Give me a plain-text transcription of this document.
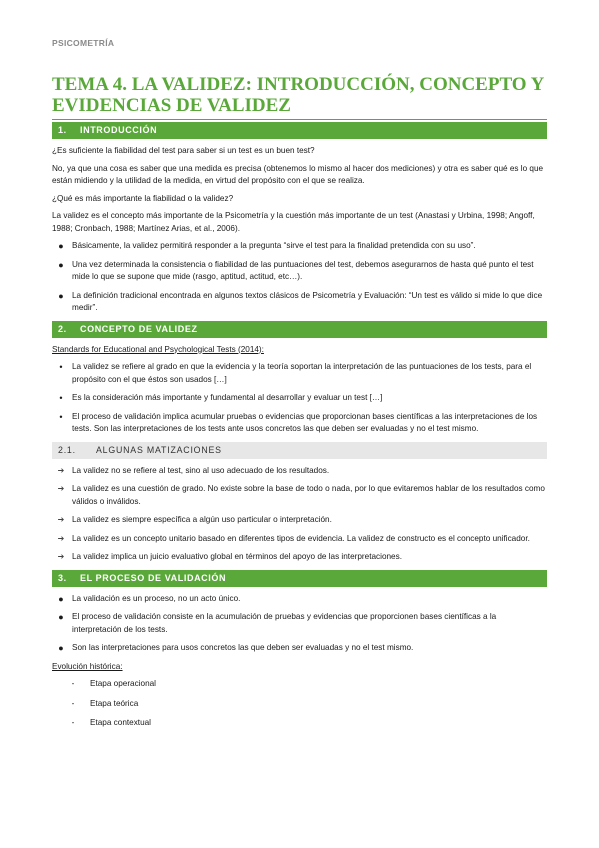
PSICOMETRÍA
TEMA 4. LA VALIDEZ: INTRODUCCIÓN, CONCEPTO Y EVIDENCIAS DE VALIDEZ
1. INTRODUCCIÓN

¿Es suficiente la fiabilidad del test para saber si un test es un buen test?

No, ya que una cosa es saber que una medida es precisa (obtenemos lo mismo al hacer dos mediciones) y otra es saber qué es lo que están midiendo y la utilidad de la medida, en virtud del propósito con el que se realiza.

¿Qué es más importante la fiabilidad o la validez?

La validez es el concepto más importante de la Psicometría y la cuestión más importante de un test (Anastasi y Urbina, 1998; Angoff, 1988; Cronbach, 1988; Martínez Arias, et al., 2006).

● Básicamente, la validez permitirá responder a la pregunta “sirve el test para la finalidad pretendida con su uso”.
● Una vez determinada la consistencia o fiabilidad de las puntuaciones del test, debemos asegurarnos de hasta qué punto el test mide lo que se supone que mide (rasgo, aptitud, actitud, etc…).
● La definición tradicional encontrada en algunos textos clásicos de Psicometría y Evaluación: “Un test es válido si mide lo que dice medir”.
2. CONCEPTO DE VALIDEZ

Standards for Educational and Psychological Tests (2014):

•	La validez se refiere al grado en que la evidencia y la teoría soportan la interpretación de las puntuaciones de los tests, para el propósito con el que éstos son usados […]
•	Es la consideración más importante y fundamental al desarrollar y evaluar un test […]
•	El proceso de validación implica acumular pruebas o evidencias que proporcionan bases científicas a las interpretaciones de los tests. Son las interpretaciones de los tests ante usos concretos las que deben ser evaluadas y no el test mismo.
2.1. ALGUNAS MATIZACIONES
➔ La validez no se refiere al test, sino al uso adecuado de los resultados.
➔ La validez es una cuestión de grado. No existe sobre la base de todo o nada, por lo que evitaremos hablar de los resultados como válidos o inválidos.
➔ La validez es siempre específica a algún uso particular o interpretación.
➔ La validez es un concepto unitario basado en diferentes tipos de evidencia. La validez de constructo es el concepto unificador.
➔ La validez implica un juicio evaluativo global en términos del apoyo de las interpretaciones.
3. EL PROCESO DE VALIDACIÓN
● La validación es un proceso, no un acto único.
● El proceso de validación consiste en la acumulación de pruebas y evidencias que proporcionen bases científicas a la interpretación de los tests.
● Son las interpretaciones para usos concretos las que deben ser evaluadas y no el test mismo.

Evolución histórica:

-	Etapa operacional
-	Etapa teórica
-	Etapa contextual
